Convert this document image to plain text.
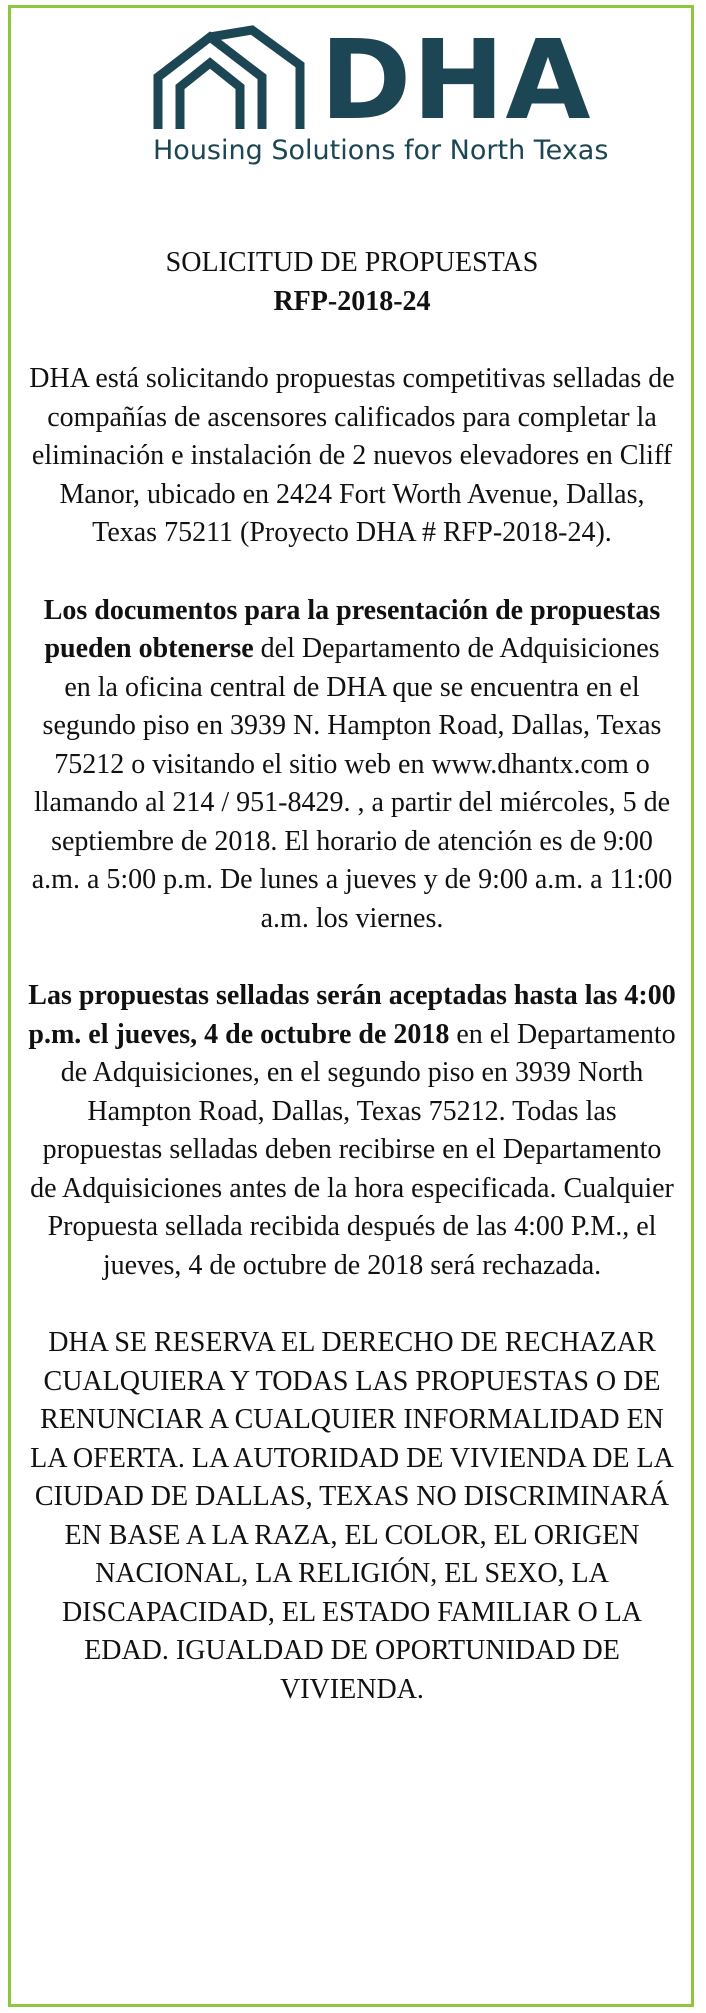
DHA
Housing Solutions for North Texas

SOLICITUD DE PROPUESTAS

RFP-2018-24

DHA está solicitando propuestas competitivas selladas de compañías de ascensores calificados para completar la eliminación e instalación de 2 nuevos elevadores en Cliff Manor, ubicado en 2424 Fort Worth Avenue, Dallas, Texas 75211 (Proyecto DHA # RFP-2018-24).

Los documentos para la presentación de propuestas pueden obtenerse del Departamento de Adquisiciones en la oficina central de DHA que se encuentra en el segundo piso en 3939 N. Hampton Road, Dallas, Texas 75212 o visitando el sitio web en www.dhantx.com o llamando al 214 / 951-8429. , a partir del miércoles, 5 de septiembre de 2018. El horario de atención es de 9:00 a.m. a 5:00 p.m. De lunes a jueves y de 9:00 a.m. a 11:00 a.m. los viernes.

Las propuestas selladas serán aceptadas hasta las 4:00 p.m. el jueves, 4 de octubre de 2018 en el Departamento de Adquisiciones, en el segundo piso en 3939 North Hampton Road, Dallas, Texas 75212. Todas las propuestas selladas deben recibirse en el Departamento de Adquisiciones antes de la hora especificada. Cualquier Propuesta sellada recibida después de las 4:00 P.M., el jueves, 4 de octubre de 2018 será rechazada.

DHA SE RESERVA EL DERECHO DE RECHAZAR CUALQUIERA Y TODAS LAS PROPUESTAS O DE RENUNCIAR A CUALQUIER INFORMALIDAD EN LA OFERTA. LA AUTORIDAD DE VIVIENDA DE LA CIUDAD DE DALLAS, TEXAS NO DISCRIMINARÁ EN BASE A LA RAZA, EL COLOR, EL ORIGEN NACIONAL, LA RELIGIÓN, EL SEXO, LA DISCAPACIDAD, EL ESTADO FAMILIAR O LA EDAD. IGUALDAD DE OPORTUNIDAD DE VIVIENDA.
